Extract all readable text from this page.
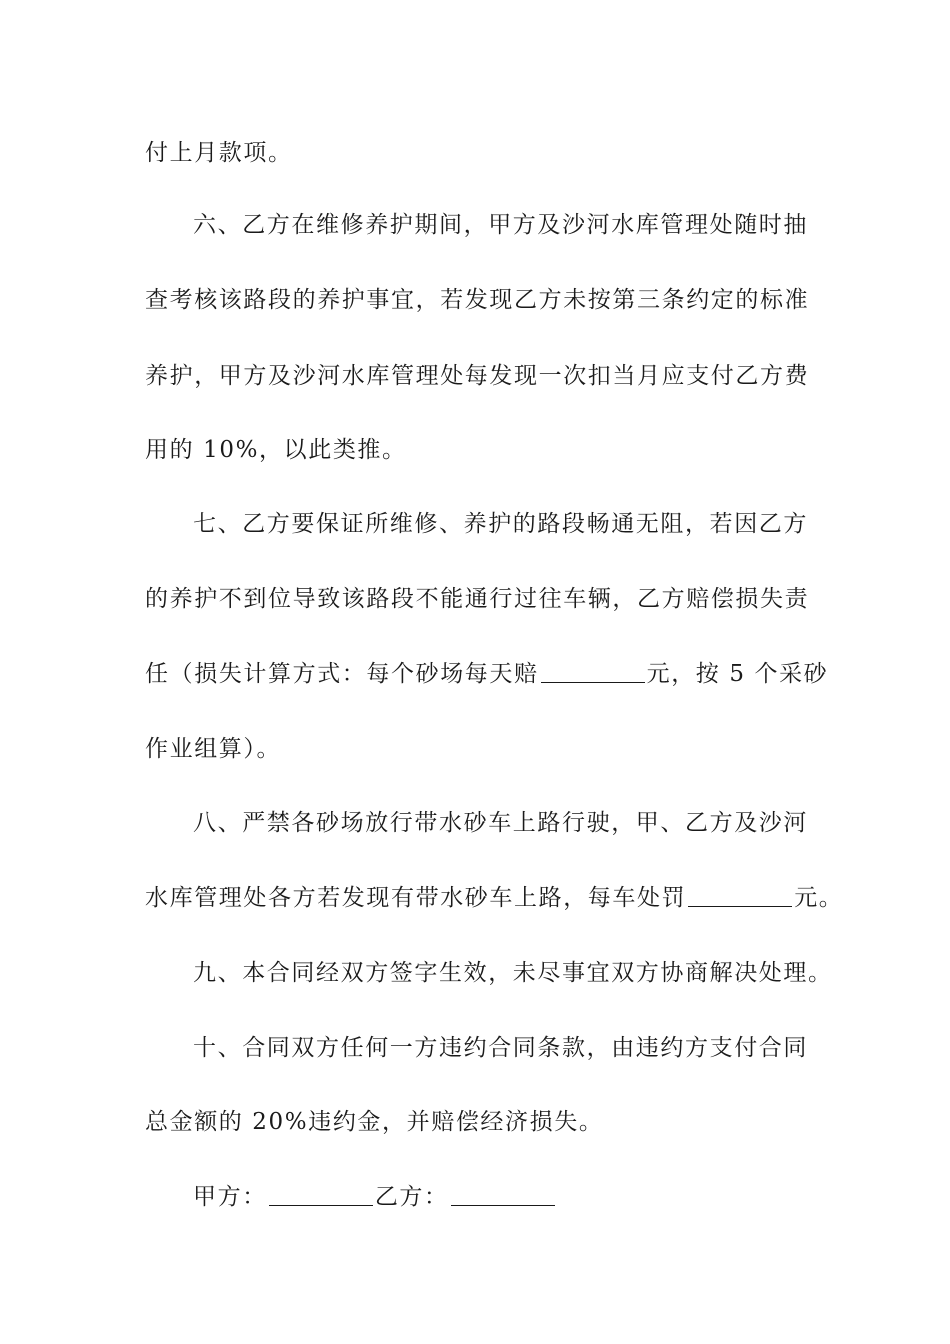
付上月款项。
六、乙方在维修养护期间，甲方及沙河水库管理处随时抽
查考核该路段的养护事宜，若发现乙方未按第三条约定的标准
养护，甲方及沙河水库管理处每发现一次扣当月应支付乙方费
用的 10%，以此类推。
七、乙方要保证所维修、养护的路段畅通无阻，若因乙方
的养护不到位导致该路段不能通行过往车辆，乙方赔偿损失责
任（损失计算方式：每个砂场每天赔	元，按 5 个采砂
作业组算）。
八、严禁各砂场放行带水砂车上路行驶，甲、乙方及沙河
水库管理处各方若发现有带水砂车上路，每车处罚	元。
九、本合同经双方签字生效，未尽事宜双方协商解决处理。
十、合同双方任何一方违约合同条款，由违约方支付合同
总金额的 20%违约金，并赔偿经济损失。
甲方：	乙方：
